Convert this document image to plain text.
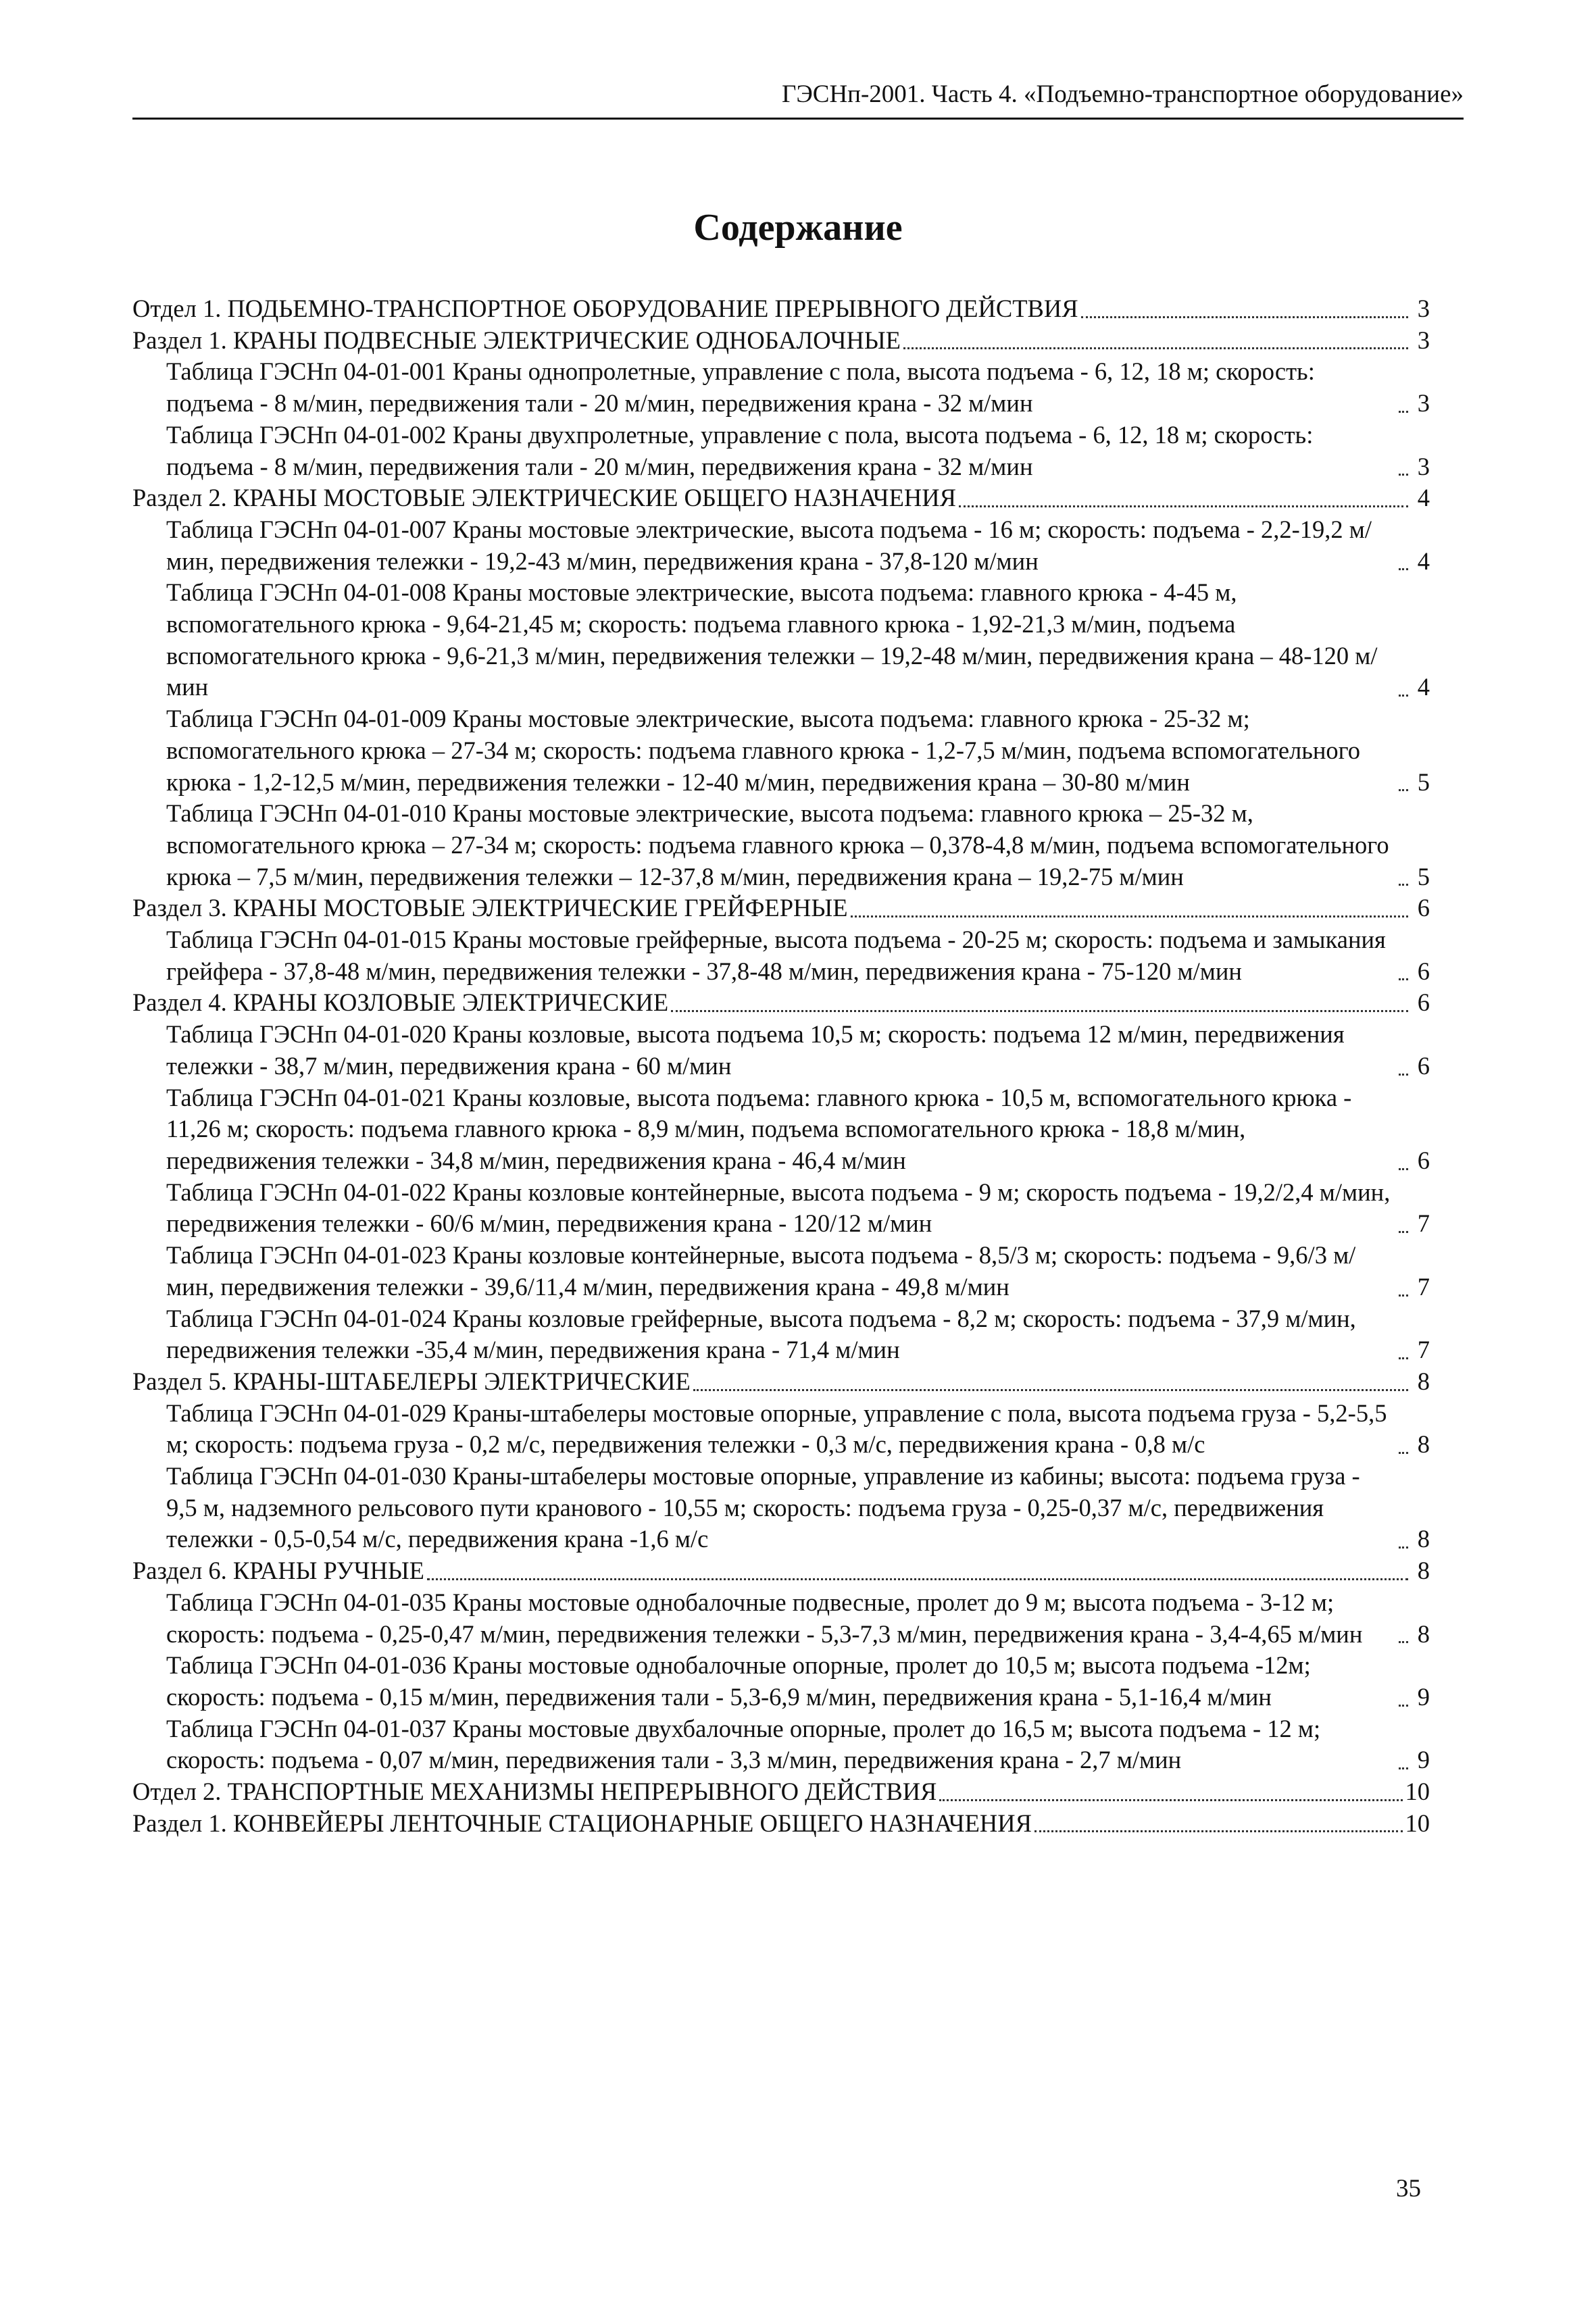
ГЭСНп-2001. Часть 4. «Подъемно-транспортное оборудование»
Содержание
Отдел 1. ПОДЬЕМНО-ТРАНСПОРТНОЕ ОБОРУДОВАНИЕ ПРЕРЫВНОГО ДЕЙСТВИЯ	3
Раздел 1. КРАНЫ ПОДВЕСНЫЕ ЭЛЕКТРИЧЕСКИЕ ОДНОБАЛОЧНЫЕ	3
Таблица ГЭСНп 04-01-001 Краны однопролетные, управление с пола, высота подъема - 6, 12, 18 м; скорость: подъема - 8 м/мин, передвижения тали - 20 м/мин, передвижения крана - 32 м/мин	3
Таблица ГЭСНп 04-01-002 Краны двухпролетные, управление с пола, высота подъема - 6, 12, 18 м; скорость: подъема - 8 м/мин, передвижения тали - 20 м/мин, передвижения крана - 32 м/мин	3
Раздел 2. КРАНЫ МОСТОВЫЕ ЭЛЕКТРИЧЕСКИЕ ОБЩЕГО НАЗНАЧЕНИЯ	4
Таблица ГЭСНп 04-01-007 Краны мостовые электрические, высота подъема - 16 м; скорость: подъема - 2,2-19,2 м/мин, передвижения тележки - 19,2-43 м/мин, передвижения крана - 37,8-120 м/мин	4
Таблица ГЭСНп 04-01-008 Краны мостовые электрические, высота подъема: главного крюка - 4-45 м, вспомогательного крюка - 9,64-21,45 м; скорость: подъема главного крюка - 1,92-21,3 м/мин, подъема вспомогательного крюка - 9,6-21,3 м/мин, передвижения тележки – 19,2-48 м/мин, передвижения крана – 48-120 м/мин	4
Таблица ГЭСНп 04-01-009 Краны мостовые электрические, высота подъема: главного крюка - 25-32 м; вспомогательного крюка – 27-34 м; скорость: подъема главного крюка - 1,2-7,5 м/мин, подъема вспомогательного крюка - 1,2-12,5 м/мин, передвижения тележки - 12-40 м/мин, передвижения крана – 30-80 м/мин	5
Таблица ГЭСНп 04-01-010 Краны мостовые электрические, высота подъема: главного крюка – 25-32 м, вспомогательного крюка – 27-34 м; скорость: подъема главного крюка – 0,378-4,8 м/мин, подъема вспомогательного крюка – 7,5 м/мин, передвижения тележки – 12-37,8 м/мин, передвижения крана – 19,2-75 м/мин	5
Раздел 3. КРАНЫ МОСТОВЫЕ ЭЛЕКТРИЧЕСКИЕ ГРЕЙФЕРНЫЕ	6
Таблица ГЭСНп 04-01-015 Краны мостовые грейферные, высота подъема - 20-25 м; скорость: подъема и замыкания грейфера - 37,8-48 м/мин, передвижения тележки - 37,8-48 м/мин, передвижения крана - 75-120 м/мин	6
Раздел 4. КРАНЫ КОЗЛОВЫЕ ЭЛЕКТРИЧЕСКИЕ	6
Таблица ГЭСНп 04-01-020 Краны козловые, высота подъема 10,5 м; скорость: подъема 12 м/мин, передвижения тележки - 38,7 м/мин, передвижения крана - 60 м/мин	6
Таблица ГЭСНп 04-01-021 Краны козловые, высота подъема: главного крюка - 10,5 м, вспомогательного крюка - 11,26 м; скорость: подъема главного крюка - 8,9 м/мин, подъема вспомогательного крюка - 18,8 м/мин, передвижения тележки - 34,8 м/мин, передвижения крана - 46,4 м/мин	6
Таблица ГЭСНп 04-01-022 Краны козловые контейнерные, высота подъема - 9 м; скорость подъема - 19,2/2,4 м/мин, передвижения тележки - 60/6 м/мин, передвижения крана - 120/12 м/мин	7
Таблица ГЭСНп 04-01-023 Краны козловые контейнерные, высота подъема - 8,5/3 м; скорость: подъема - 9,6/3 м/мин, передвижения тележки - 39,6/11,4 м/мин, передвижения крана - 49,8 м/мин	7
Таблица ГЭСНп 04-01-024 Краны козловые грейферные, высота подъема - 8,2 м; скорость: подъема - 37,9 м/мин, передвижения тележки -35,4 м/мин, передвижения крана - 71,4 м/мин	7
Раздел 5. КРАНЫ-ШТАБЕЛЕРЫ ЭЛЕКТРИЧЕСКИЕ	8
Таблица ГЭСНп 04-01-029 Краны-штабелеры мостовые опорные, управление с пола, высота подъема груза - 5,2-5,5 м; скорость: подъема груза - 0,2 м/с, передвижения тележки - 0,3 м/с, передвижения крана - 0,8 м/с	8
Таблица ГЭСНп 04-01-030 Краны-штабелеры мостовые опорные, управление из кабины; высота: подъема груза - 9,5 м, надземного рельсового пути кранового - 10,55 м; скорость: подъема груза - 0,25-0,37 м/с, передвижения тележки - 0,5-0,54 м/с, передвижения крана -1,6 м/с	8
Раздел 6. КРАНЫ РУЧНЫЕ	8
Таблица ГЭСНп 04-01-035 Краны мостовые однобалочные подвесные, пролет до 9 м; высота подъема - 3-12 м; скорость: подъема - 0,25-0,47 м/мин, передвижения тележки - 5,3-7,3 м/мин, передвижения крана - 3,4-4,65 м/мин	8
Таблица ГЭСНп 04-01-036 Краны мостовые однобалочные опорные, пролет до 10,5 м; высота подъема -12м; скорость: подъема - 0,15 м/мин, передвижения тали - 5,3-6,9 м/мин, передвижения крана - 5,1-16,4 м/мин	9
Таблица ГЭСНп 04-01-037 Краны мостовые двухбалочные опорные, пролет до 16,5 м; высота подъема - 12 м; скорость: подъема - 0,07 м/мин, передвижения тали - 3,3 м/мин, передвижения крана - 2,7 м/мин	9
Отдел 2. ТРАНСПОРТНЫЕ МЕХАНИЗМЫ НЕПРЕРЫВНОГО ДЕЙСТВИЯ	10
Раздел 1. КОНВЕЙЕРЫ ЛЕНТОЧНЫЕ СТАЦИОНАРНЫЕ ОБЩЕГО НАЗНАЧЕНИЯ	10
35
